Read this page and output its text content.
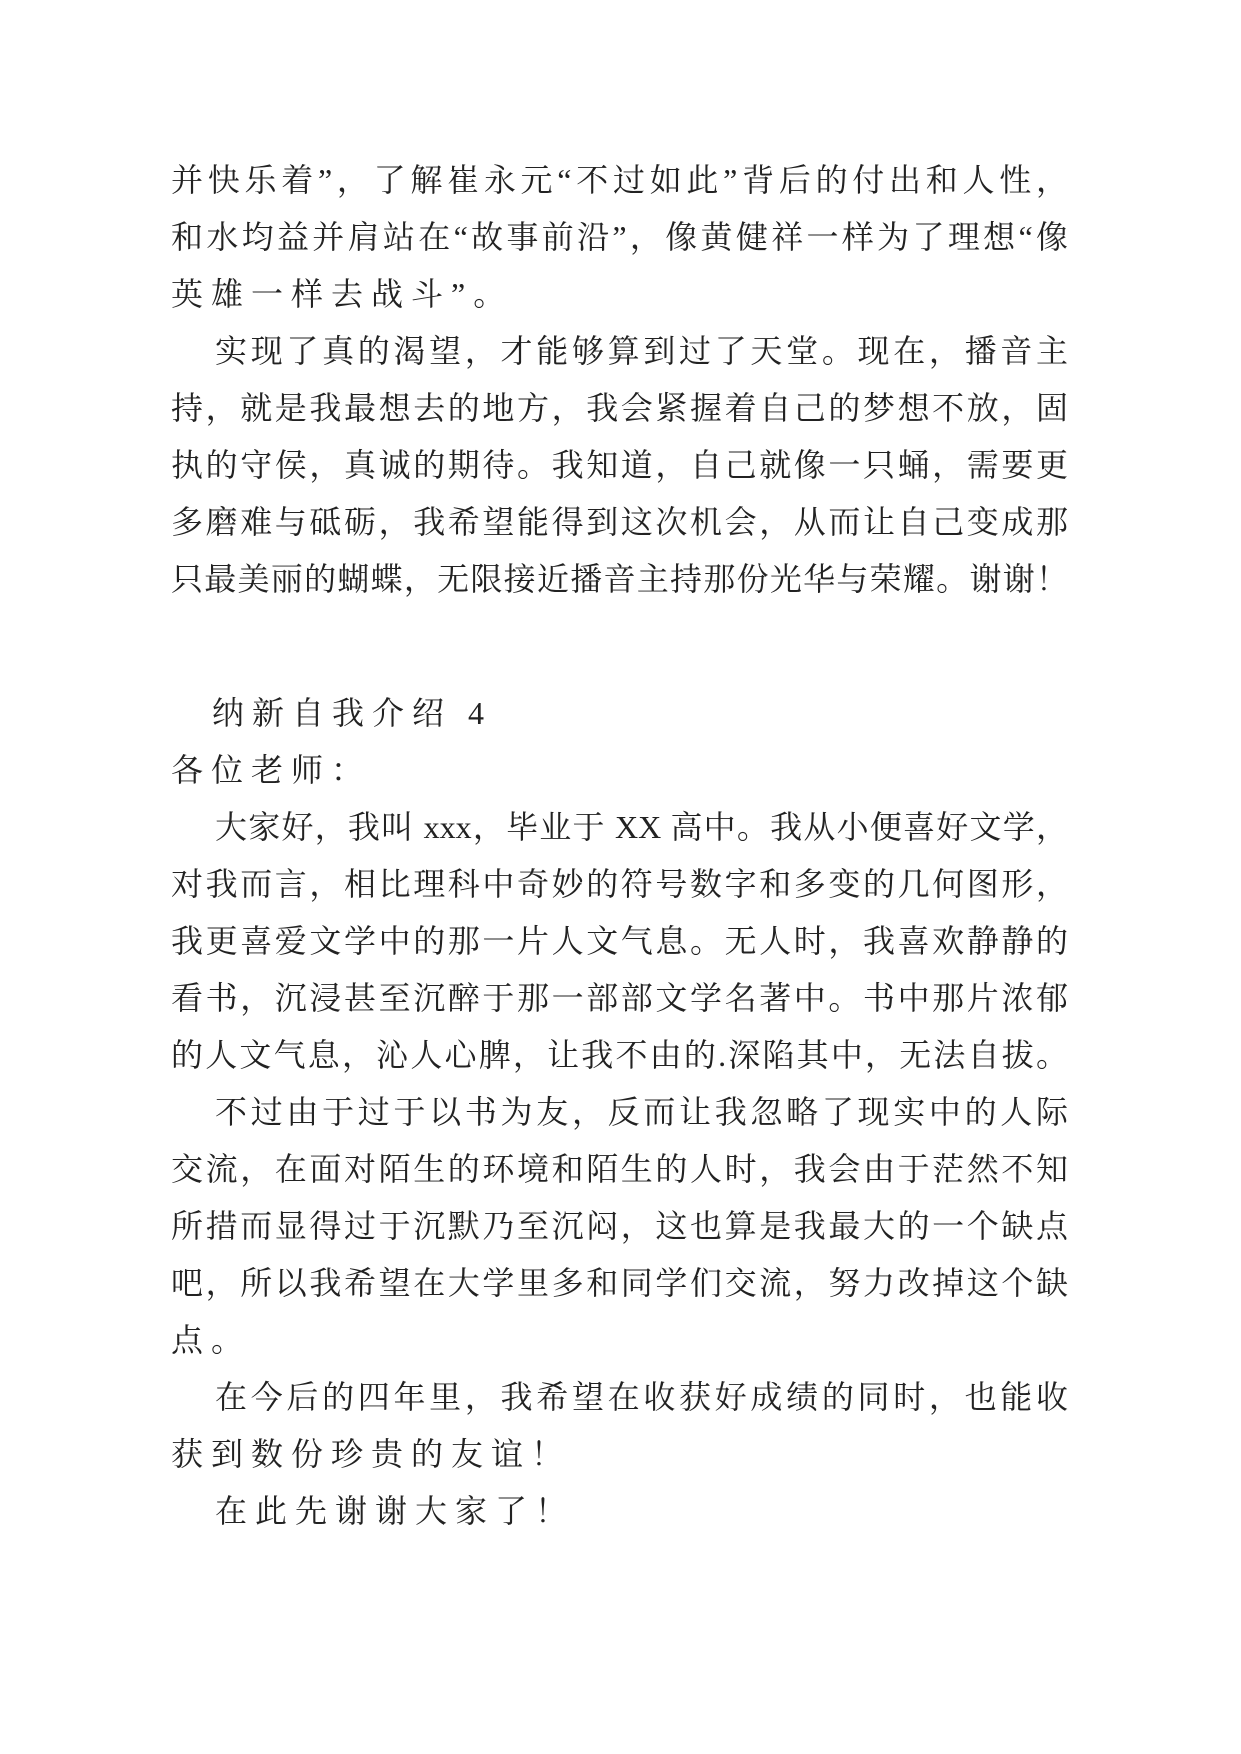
并快乐着”，了解崔永元“不过如此”背后的付出和人性，
和水均益并肩站在“故事前沿”，像黄健祥一样为了理想“像
英雄一样去战斗”。
实现了真的渴望，才能够算到过了天堂。现在，播音主
持，就是我最想去的地方，我会紧握着自己的梦想不放，固
执的守侯，真诚的期待。我知道，自己就像一只蛹，需要更
多磨难与砥砺，我希望能得到这次机会，从而让自己变成那
只最美丽的蝴蝶，无限接近播音主持那份光华与荣耀。谢谢！
纳新自我介绍 4
各位老师：
大家好，我叫 xxx，毕业于 XX 高中。我从小便喜好文学，
对我而言，相比理科中奇妙的符号数字和多变的几何图形，
我更喜爱文学中的那一片人文气息。无人时，我喜欢静静的
看书，沉浸甚至沉醉于那一部部文学名著中。书中那片浓郁
的人文气息，沁人心脾，让我不由的.深陷其中，无法自拔。
不过由于过于以书为友，反而让我忽略了现实中的人际
交流，在面对陌生的环境和陌生的人时，我会由于茫然不知
所措而显得过于沉默乃至沉闷，这也算是我最大的一个缺点
吧，所以我希望在大学里多和同学们交流，努力改掉这个缺
点。
在今后的四年里，我希望在收获好成绩的同时，也能收
获到数份珍贵的友谊！
在此先谢谢大家了！
